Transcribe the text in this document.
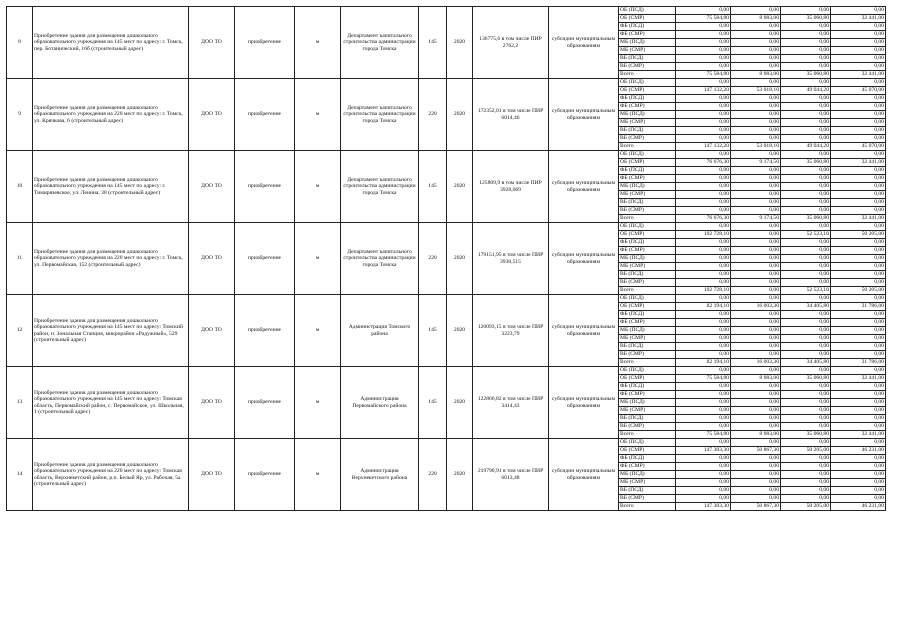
8	Приобретение здания для размещения дошкольного образовательного учреждения на 145 мест по адресу: г. Томск, пер. Ботанический, 16б (строительный адрес)	ДОО ТО	приобретение	м	Департамент капитального строительства администрации города Томска	145	2020	136775,6 в том числе ПИР 2762,2	субсидии муниципальным образованиям	ОБ (ПСД)	0,00	0,00	0,00	0,00
										ОБ (СМР)	75 584,80	8 083,00	35 060,80	32 441,00
										ФБ (ПСД)	0,00	0,00	0,00	0,00
										ФБ (СМР)	0,00	0,00	0,00	0,00
										МБ (ПСД)	0,00	0,00	0,00	0,00
										МБ (СМР)	0,00	0,00	0,00	0,00
										ВБ (ПСД)	0,00	0,00	0,00	0,00
										ВБ (СМР)	0,00	0,00	0,00	0,00
										Всего	75 584,80	8 083,00	35 060,80	32 441,00
9	Приобретение здания для размещения дошкольного образовательного учреждения на 220 мест по адресу: г. Томск, ул. Крячкова, 6 (строительный адрес)	ДОО ТО	приобретение	м	Департамент капитального строительства администрации города Томска	220	2020	172352,01 в том числе ПИР 6014,46	субсидии муниципальным образованиям	ОБ (ПСД)	0,00	0,00	0,00	0,00
										ОБ (СМР)	147 132,20	53 018,10	49 044,20	45 070,00
										ФБ (ПСД)	0,00	0,00	0,00	0,00
										ФБ (СМР)	0,00	0,00	0,00	0,00
										МБ (ПСД)	0,00	0,00	0,00	0,00
										МБ (СМР)	0,00	0,00	0,00	0,00
										ВБ (ПСД)	0,00	0,00	0,00	0,00
										ВБ (СМР)	0,00	0,00	0,00	0,00
										Всего	147 132,20	53 018,10	49 044,20	45 070,00
10	Приобретение здания для размещения дошкольного образовательного учреждения на 145 мест по адресу: г. Тимирязевское, ул. Ленина, 38 (строительный адрес)	ДОО ТО	приобретение	м	Департамент капитального строительства администрации города Томска	145	2020	125809,9 в том числе ПИР 3928,069	субсидии муниципальным образованиям	ОБ (ПСД)	0,00	0,00	0,00	0,00
										ОБ (СМР)	76 676,30	9 174,50	35 060,80	32 441,00
										ФБ (ПСД)	0,00	0,00	0,00	0,00
										ФБ (СМР)	0,00	0,00	0,00	0,00
										МБ (ПСД)	0,00	0,00	0,00	0,00
										МБ (СМР)	0,00	0,00	0,00	0,00
										ВБ (ПСД)	0,00	0,00	0,00	0,00
										ВБ (СМР)	0,00	0,00	0,00	0,00
										Всего	76 676,30	9 174,50	35 060,80	32 441,00
11	Приобретение здания для размещения дошкольного образовательного учреждения на 220 мест по адресу: г. Томск, ул. Первомайская, 152 (строительный адрес)	ДОО ТО	приобретение	м	Департамент капитального строительства администрации города Томска	220	2020	179151,95 в том числе ПИР 3930,515	субсидии муниципальным образованиям	ОБ (ПСД)	0,00	0,00	0,00	0,00
										ОБ (СМР)	102 728,10	0,00	52 523,10	50 205,00
										ФБ (ПСД)	0,00	0,00	0,00	0,00
										ФБ (СМР)	0,00	0,00	0,00	0,00
										МБ (ПСД)	0,00	0,00	0,00	0,00
										МБ (СМР)	0,00	0,00	0,00	0,00
										ВБ (ПСД)	0,00	0,00	0,00	0,00
										ВБ (СМР)	0,00	0,00	0,00	0,00
										Всего	102 728,10	0,00	52 523,10	50 205,00
12	Приобретение здания для размещения дошкольного образовательного учреждения на 145 мест по адресу: Томский район, п. Зональная Станция, микрорайон «Радужный», 529 (строительный адрес)	ДОО ТО	приобретение	м	Администрация Томского района	145	2020	120093,15 в том числе ПИР 3223,79	субсидии муниципальным образованиям	ОБ (ПСД)	0,00	0,00	0,00	0,00
										ОБ (СМР)	82 194,10	16 002,30	34 405,80	31 786,00
										ФБ (ПСД)	0,00	0,00	0,00	0,00
										ФБ (СМР)	0,00	0,00	0,00	0,00
										МБ (ПСД)	0,00	0,00	0,00	0,00
										МБ (СМР)	0,00	0,00	0,00	0,00
										ВБ (ПСД)	0,00	0,00	0,00	0,00
										ВБ (СМР)	0,00	0,00	0,00	0,00
										Всего	82 194,10	16 002,30	34 405,80	31 786,00
13	Приобретение здания для размещения дошкольного образовательного учреждения на 145 мест по адресу: Томская область, Первомайский район, с. Первомайское, ул. Школьная, 1 (строительный адрес)	ДОО ТО	приобретение	м	Администрация Первомайского района	145	2020	122866,82 в том числе ПИР 3414,43	субсидии муниципальным образованиям	ОБ (ПСД)	0,00	0,00	0,00	0,00
										ОБ (СМР)	75 584,80	8 083,00	35 060,80	32 441,00
										ФБ (ПСД)	0,00	0,00	0,00	0,00
										ФБ (СМР)	0,00	0,00	0,00	0,00
										МБ (ПСД)	0,00	0,00	0,00	0,00
										МБ (СМР)	0,00	0,00	0,00	0,00
										ВБ (ПСД)	0,00	0,00	0,00	0,00
										ВБ (СМР)	0,00	0,00	0,00	0,00
										Всего	75 584,80	8 083,00	35 060,80	32 441,00
14	Приобретение здания для размещения дошкольного образовательного учреждения на 220 мест по адресу: Томская область, Верхнекетский район, р.п. Белый Яр, ул. Рабочая, 5а (строительный адрес)	ДОО ТО	приобретение	м	Администрация Верхнекетского района	220	2020	219790,91 в том числе ПИР 6013,48	субсидии муниципальным образованиям	ОБ (ПСД)	0,00	0,00	0,00	0,00
										ОБ (СМР)	147 303,30	50 867,30	50 205,00	46 231,00
										ФБ (ПСД)	0,00	0,00	0,00	0,00
										ФБ (СМР)	0,00	0,00	0,00	0,00
										МБ (ПСД)	0,00	0,00	0,00	0,00
										МБ (СМР)	0,00	0,00	0,00	0,00
										ВБ (ПСД)	0,00	0,00	0,00	0,00
										ВБ (СМР)	0,00	0,00	0,00	0,00
										Всего	147 303,30	50 867,30	50 205,00	46 231,00
